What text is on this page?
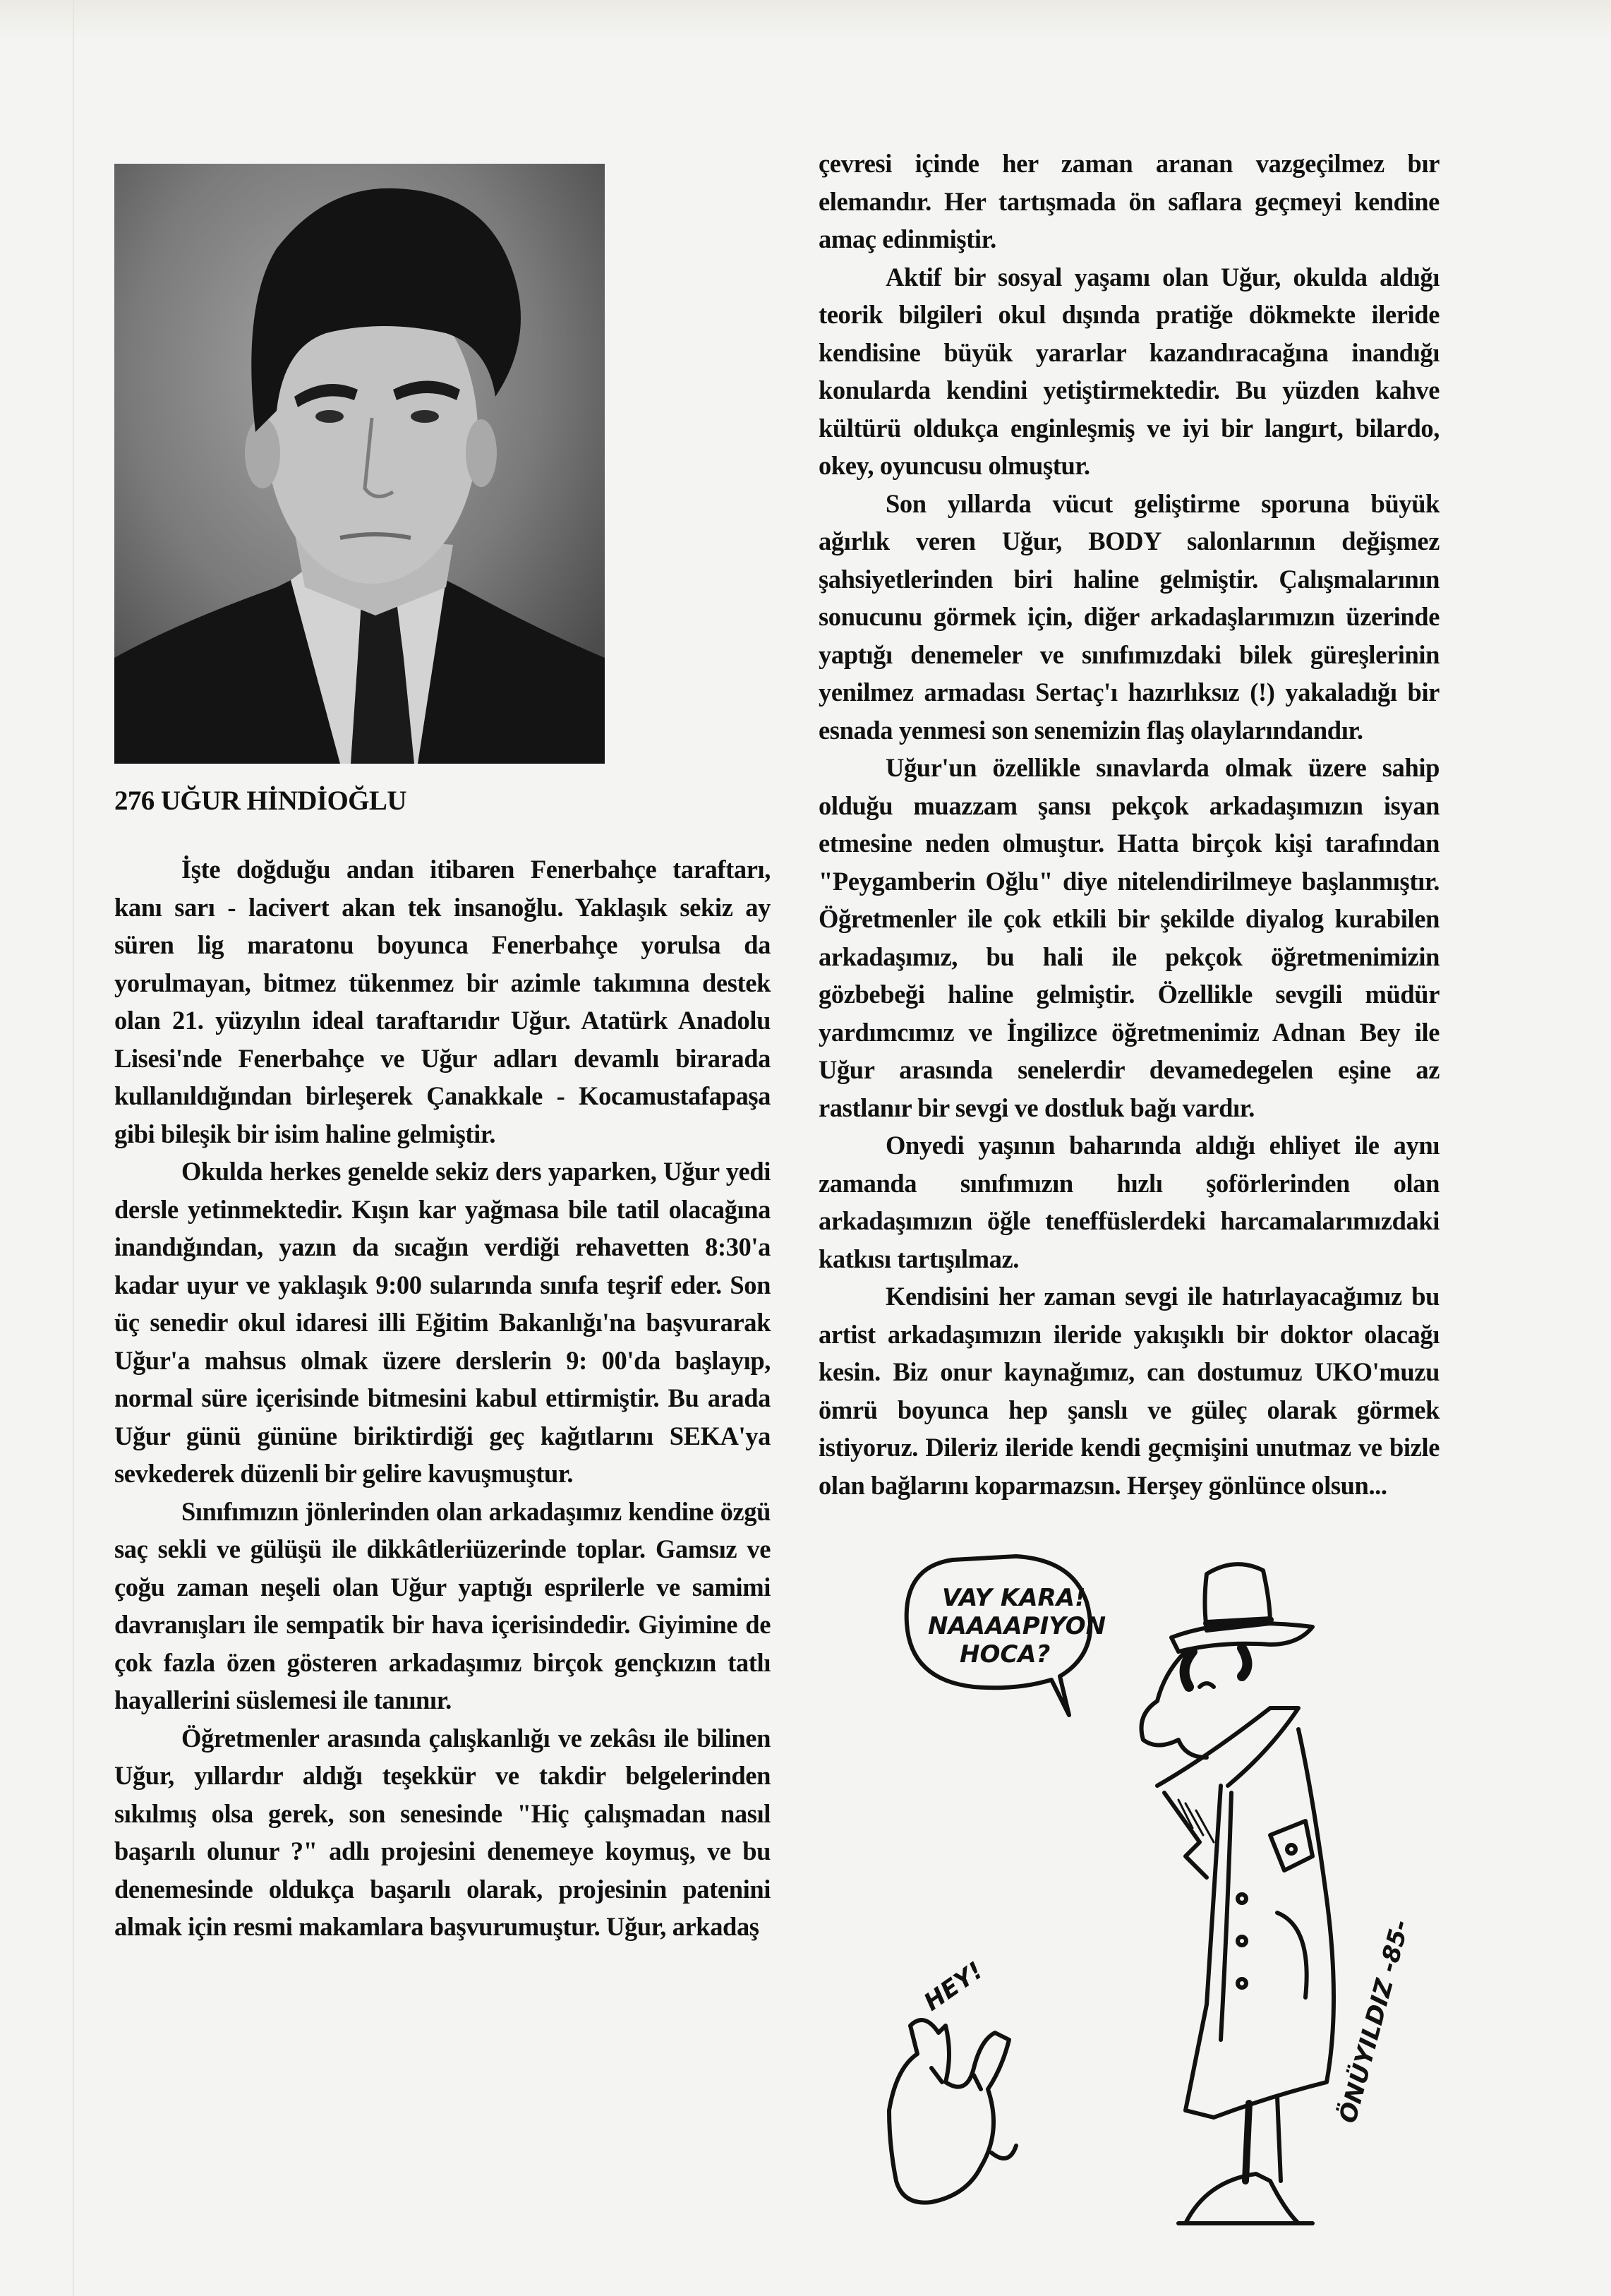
276 UĞUR HİNDİOĞLU

İşte doğduğu andan itibaren Fenerbahçe taraftarı, kanı sarı - lacivert akan tek insanoğlu. Yaklaşık sekiz ay süren lig maratonu boyunca Fenerbahçe yorulsa da yorulmayan, bitmez tükenmez bir azimle takımına destek olan 21. yüzyılın ideal taraftarıdır Uğur. Atatürk Anadolu Lisesi'nde Fenerbahçe ve Uğur adları devamlı birarada kullanıldığından birleşerek Çanakkale - Kocamustafapaşa gibi bileşik bir isim haline gelmiştir.

Okulda herkes genelde sekiz ders yaparken, Uğur yedi dersle yetinmektedir. Kışın kar yağmasa bile tatil olacağına inandığından, yazın da sıcağın verdiği rehavetten 8:30'a kadar uyur ve yaklaşık 9:00 sularında sınıfa teşrif eder. Son üç senedir okul idaresi illi Eğitim Bakanlığı'na başvurarak Uğur'a mahsus olmak üzere derslerin 9: 00'da başlayıp, normal süre içerisinde bitmesini kabul ettirmiştir. Bu arada Uğur günü gününe biriktirdiği geç kağıtlarını SEKA'ya sevkederek düzenli bir gelire kavuşmuştur.

Sınıfımızın jönlerinden olan arkadaşımız kendine özgü saç sekli ve gülüşü ile dikkâtleriüzerinde toplar. Gamsız ve çoğu zaman neşeli olan Uğur yaptığı esprilerle ve samimi davranışları ile sempatik bir hava içerisindedir. Giyimine de çok fazla özen gösteren arkadaşımız birçok gençkızın tatlı hayallerini süslemesi ile tanınır.

Öğretmenler arasında çalışkanlığı ve zekâsı ile bilinen Uğur, yıllardır aldığı teşekkür ve takdir belgelerinden sıkılmış olsa gerek, son senesinde "Hiç çalışmadan nasıl başarılı olunur ?" adlı projesini denemeye koymuş, ve bu denemesinde oldukça başarılı olarak, projesinin patenini almak için resmi makamlara başvurumuştur. Uğur, arkadaş

çevresi içinde her zaman aranan vazgeçilmez bır elemandır. Her tartışmada ön saflara geçmeyi kendine amaç edinmiştir.

Aktif bir sosyal yaşamı olan Uğur, okulda aldığı teorik bilgileri okul dışında pratiğe dökmekte ileride kendisine büyük yararlar kazandıracağına inandığı konularda kendini yetiştirmektedir. Bu yüzden kahve kültürü oldukça enginleşmiş ve iyi bir langırt, bilardo, okey, oyuncusu olmuştur.

Son yıllarda vücut geliştirme sporuna büyük ağırlık veren Uğur, BODY salonlarının değişmez şahsiyetlerinden biri haline gelmiştir. Çalışmalarının sonucunu görmek için, diğer arkadaşlarımızın üzerinde yaptığı denemeler ve sınıfımızdaki bilek güreşlerinin yenilmez armadası Sertaç'ı hazırlıksız (!) yakaladığı bir esnada yenmesi son senemizin flaş olaylarındandır.

Uğur'un özellikle sınavlarda olmak üzere sahip olduğu muazzam şansı pekçok arkadaşımızın isyan etmesine neden olmuştur. Hatta birçok kişi tarafından "Peygamberin Oğlu" diye nitelendirilmeye başlanmıştır. Öğretmenler ile çok etkili bir şekilde diyalog kurabilen arkadaşımız, bu hali ile pekçok öğretmenimizin gözbebeği haline gelmiştir. Özellikle sevgili müdür yardımcımız ve İngilizce öğretmenimiz Adnan Bey ile Uğur arasında senelerdir devamedegelen eşine az rastlanır bir sevgi ve dostluk bağı vardır.

Onyedi yaşının baharında aldığı ehliyet ile aynı zamanda sınıfımızın hızlı şoförlerinden olan arkadaşımızın öğle teneffüslerdeki harcamalarımızdaki katkısı tartışılmaz.

Kendisini her zaman sevgi ile hatırlayacağımız bu artist arkadaşımızın ileride yakışıklı bir doktor olacağı kesin. Biz onur kaynağımız, can dostumuz UKO'muzu ömrü boyunca hep şanslı ve güleç olarak görmek istiyoruz. Dileriz ileride kendi geçmişini unutmaz ve bizle olan bağlarını koparmazsın. Herşey gönlünce olsun...

VAY KARA!
NAAAAPIYON
HOCA?
HEY!	ÖNÜYILDIZ -85-
